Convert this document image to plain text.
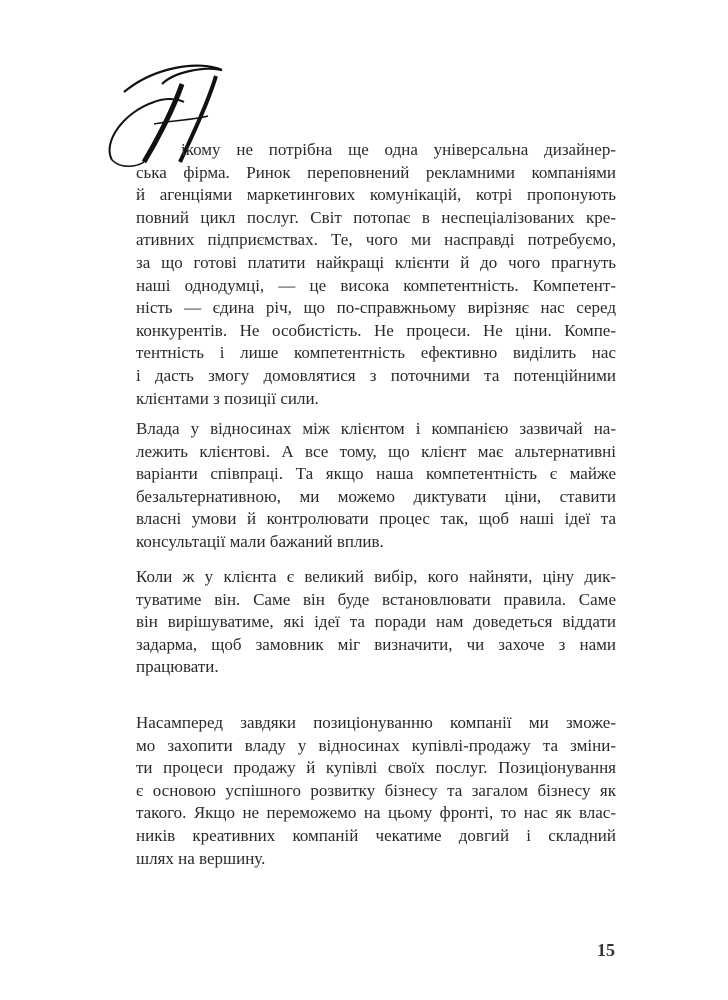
ікому не потрібна ще одна універсальна дизайнер-
ська фірма. Ринок переповнений рекламними компаніями
й агенціями маркетингових комунікацій, котрі пропонують
повний цикл послуг. Світ потопає в неспеціалізованих кре-
ативних підприємствах. Те, чого ми насправді потребуємо,
за що готові платити найкращі клієнти й до чого прагнуть
наші однодумці, — це висока компетентність. Компетент-
ність — єдина річ, що по-справжньому вирізняє нас серед
конкурентів. Не особистість. Не процеси. Не ціни. Компе-
тентність і лише компетентність ефективно виділить нас
і дасть змогу домовлятися з поточними та потенційними
клієнтами з позиції сили.
Влада у відносинах між клієнтом і компанією зазвичай на-
лежить клієнтові. А все тому, що клієнт має альтернативні
варіанти співпраці. Та якщо наша компетентність є майже
безальтернативною, ми можемо диктувати ціни, ставити
власні умови й контролювати процес так, щоб наші ідеї та
консультації мали бажаний вплив.
Коли ж у клієнта є великий вибір, кого найняти, ціну дик-
туватиме він. Саме він буде встановлювати правила. Саме
він вирішуватиме, які ідеї та поради нам доведеться віддати
задарма, щоб замовник міг визначити, чи захоче з нами
працювати.
Насамперед завдяки позиціонуванню компанії ми зможе-
мо захопити владу у відносинах купівлі-продажу та зміни-
ти процеси продажу й купівлі своїх послуг. Позиціонування
є основою успішного розвитку бізнесу та загалом бізнесу як
такого. Якщо не переможемо на цьому фронті, то нас як влас-
ників креативних компаній чекатиме довгий і складний
шлях на вершину.
15
